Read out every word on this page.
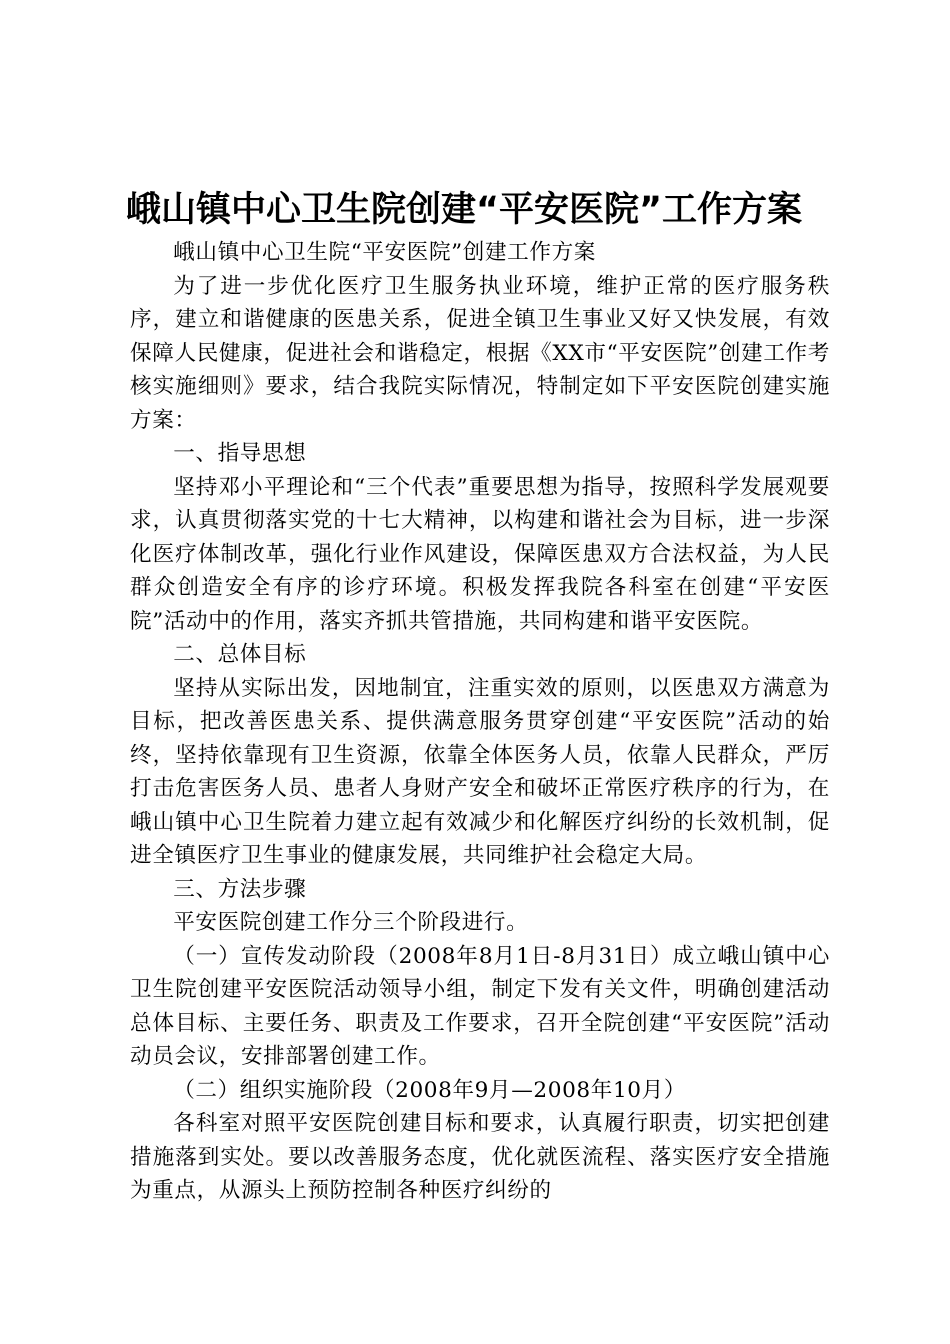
峨山镇中心卫生院创建“平安医院”工作方案

峨山镇中心卫生院“平安医院”创建工作方案

为了进一步优化医疗卫生服务执业环境，维护正常的医疗服务秩序，建立和谐健康的医患关系，促进全镇卫生事业又好又快发展，有效保障人民健康，促进社会和谐稳定，根据《XX市“平安医院”创建工作考核实施细则》要求，结合我院实际情况，特制定如下平安医院创建实施方案：

一、指导思想

坚持邓小平理论和“三个代表”重要思想为指导，按照科学发展观要求，认真贯彻落实党的十七大精神，以构建和谐社会为目标，进一步深化医疗体制改革，强化行业作风建设，保障医患双方合法权益，为人民群众创造安全有序的诊疗环境。积极发挥我院各科室在创建“平安医院”活动中的作用，落实齐抓共管措施，共同构建和谐平安医院。

二、总体目标

坚持从实际出发，因地制宜，注重实效的原则，以医患双方满意为目标，把改善医患关系、提供满意服务贯穿创建“平安医院”活动的始终，坚持依靠现有卫生资源，依靠全体医务人员，依靠人民群众，严厉打击危害医务人员、患者人身财产安全和破坏正常医疗秩序的行为，在峨山镇中心卫生院着力建立起有效减少和化解医疗纠纷的长效机制，促进全镇医疗卫生事业的健康发展，共同维护社会稳定大局。

三、方法步骤

平安医院创建工作分三个阶段进行。

（一）宣传发动阶段（2008年8月1日-8月31日）成立峨山镇中心卫生院创建平安医院活动领导小组，制定下发有关文件，明确创建活动总体目标、主要任务、职责及工作要求，召开全院创建“平安医院”活动动员会议，安排部署创建工作。

（二）组织实施阶段（2008年9月—2008年10月）

各科室对照平安医院创建目标和要求，认真履行职责，切实把创建措施落到实处。要以改善服务态度，优化就医流程、落实医疗安全措施为重点，从源头上预防控制各种医疗纠纷的
